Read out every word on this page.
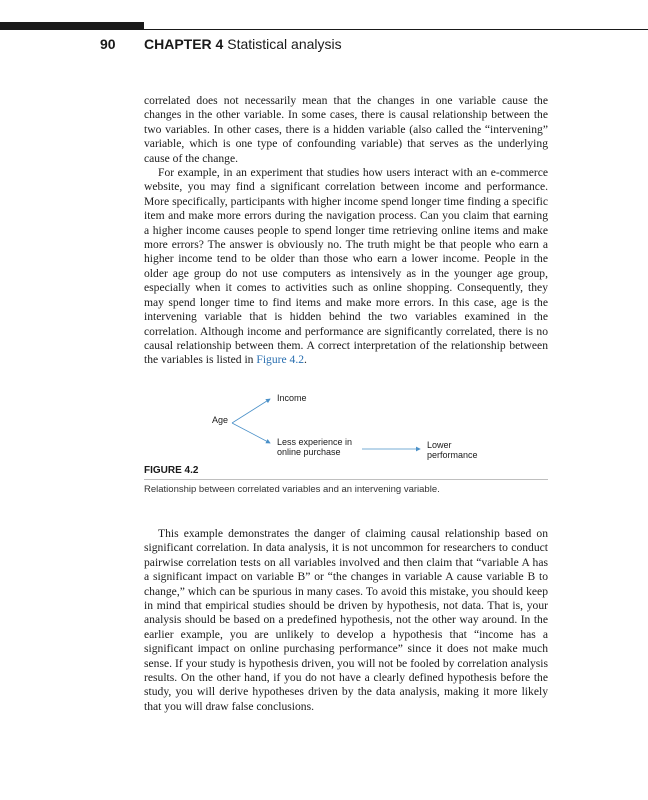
90 CHAPTER 4 Statistical analysis

correlated does not necessarily mean that the changes in one variable cause the changes in the other variable. In some cases, there is causal relationship between the two variables. In other cases, there is a hidden variable (also called the “intervening” variable, which is one type of confounding variable) that serves as the underlying cause of the change.

For example, in an experiment that studies how users interact with an e-commerce website, you may find a significant correlation between income and performance. More specifically, participants with higher income spend longer time finding a specific item and make more errors during the navigation process. Can you claim that earning a higher income causes people to spend longer time retrieving online items and make more errors? The answer is obviously no. The truth might be that people who earn a higher income tend to be older than those who earn a lower income. People in the older age group do not use computers as intensively as in the younger age group, especially when it comes to activities such as online shopping. Consequently, they may spend longer time to find items and make more errors. In this case, age is the intervening variable that is hidden behind the two variables examined in the correlation. Although income and performance are significantly correlated, there is no causal relationship between them. A correct interpretation of the relationship between the variables is listed in Figure 4.2.

Age
Income
Less experience in
online purchase
Lower
performance
FIGURE 4.2
Relationship between correlated variables and an intervening variable.

This example demonstrates the danger of claiming causal relationship based on significant correlation. In data analysis, it is not uncommon for researchers to conduct pairwise correlation tests on all variables involved and then claim that “variable A has a significant impact on variable B” or “the changes in variable A cause variable B to change,” which can be spurious in many cases. To avoid this mistake, you should keep in mind that empirical studies should be driven by hypothesis, not data. That is, your analysis should be based on a predefined hypothesis, not the other way around. In the earlier example, you are unlikely to develop a hypothesis that “income has a significant impact on online purchasing performance” since it does not make much sense. If your study is hypothesis driven, you will not be fooled by correlation analysis results. On the other hand, if you do not have a clearly defined hypothesis before the study, you will derive hypotheses driven by the data analysis, making it more likely that you will draw false conclusions.
